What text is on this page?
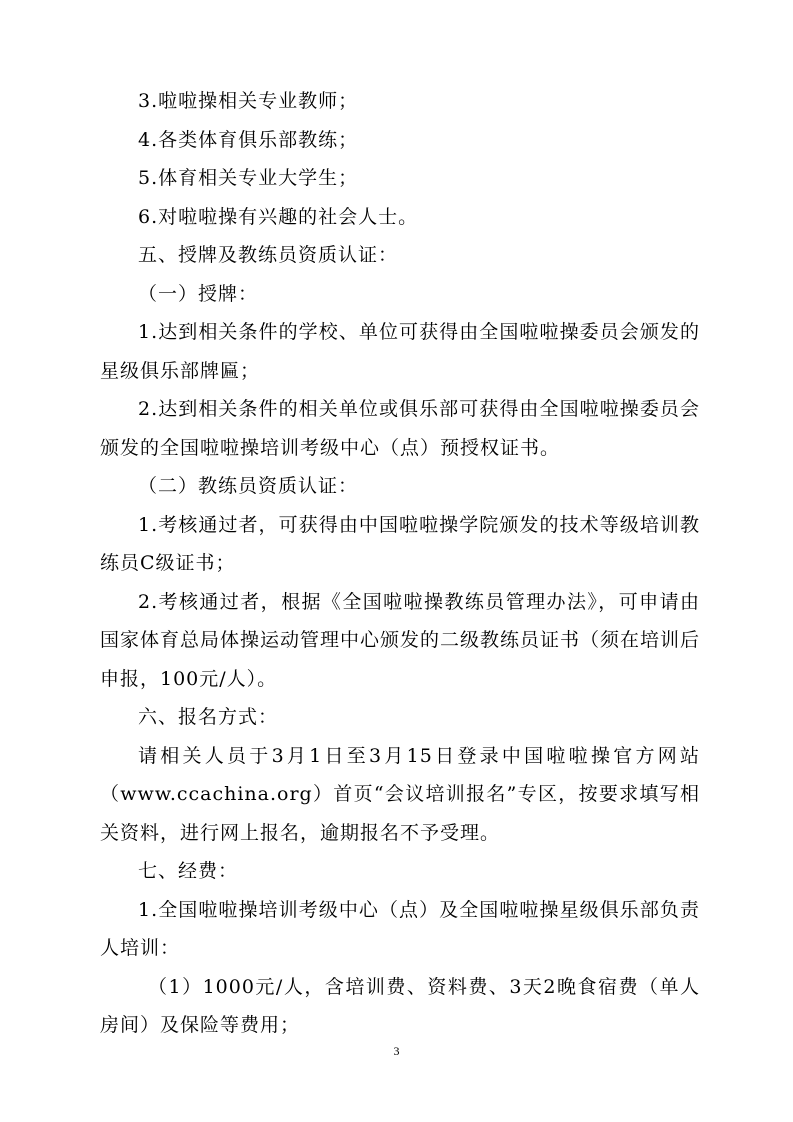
3.啦啦操相关专业教师；

4.各类体育俱乐部教练；

5.体育相关专业大学生；

6.对啦啦操有兴趣的社会人士。

五、授牌及教练员资质认证：

（一）授牌：

1.达到相关条件的学校、单位可获得由全国啦啦操委员会颁发的星级俱乐部牌匾；

2.达到相关条件的相关单位或俱乐部可获得由全国啦啦操委员会颁发的全国啦啦操培训考级中心（点）预授权证书。

（二）教练员资质认证：

1.考核通过者，可获得由中国啦啦操学院颁发的技术等级培训教练员C级证书；

2.考核通过者，根据《全国啦啦操教练员管理办法》，可申请由国家体育总局体操运动管理中心颁发的二级教练员证书（须在培训后申报，100元/人）。

六、报名方式：

请相关人员于3月1日至3月15日登录中国啦啦操官方网站（www.ccachina.org）首页“会议培训报名”专区，按要求填写相关资料，进行网上报名，逾期报名不予受理。

七、经费：

1.全国啦啦操培训考级中心（点）及全国啦啦操星级俱乐部负责人培训：

（1）1000元/人，含培训费、资料费、3天2晚食宿费（单人房间）及保险等费用；

3
